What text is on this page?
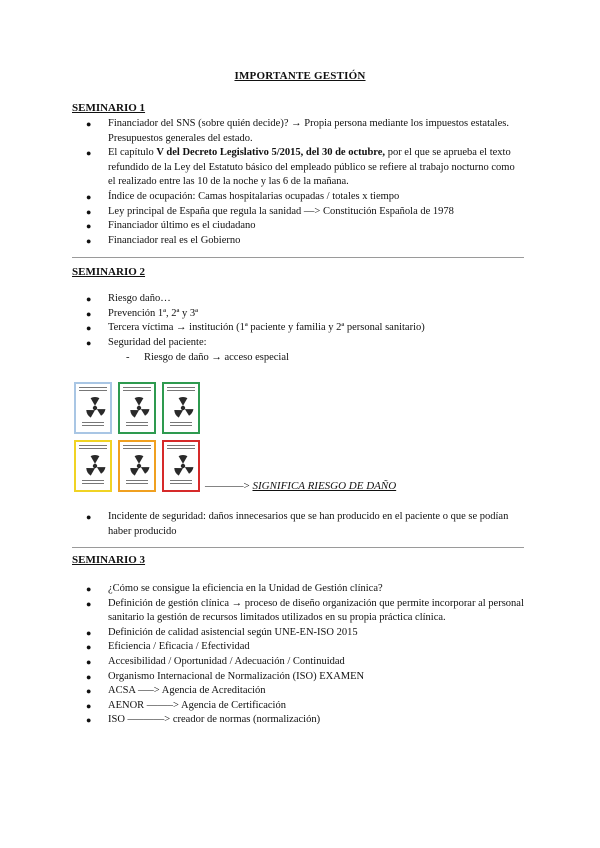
IMPORTANTE GESTIÓN
SEMINARIO 1
● Financiador del SNS (sobre quién decide)? → Propia persona mediante los impuestos estatales. Presupuestos generales del estado.
● El capítulo V del Decreto Legislativo 5/2015, del 30 de octubre, por el que se aprueba el texto refundido de la Ley del Estatuto básico del empleado público se refiere al trabajo nocturno como el realizado entre las 10 de la noche y las 6 de la mañana.
● Índice de ocupación: Camas hospitalarias ocupadas / totales x tiempo
● Ley principal de España que regula la sanidad —> Constitución Española de 1978
● Financiador último es el ciudadano
● Financiador real es el Gobierno
SEMINARIO 2
● Riesgo daño…
● Prevención 1ª, 2ª y 3ª
● Tercera víctima → institución (1ª paciente y familia y 2ª personal sanitario)
● Seguridad del paciente:
- Riesgo de daño → acceso especial
———–> SIGNIFICA RIESGO DE DAÑO
● Incidente de seguridad: daños innecesarios que se han producido en el paciente o que se podían haber producido
SEMINARIO 3
● ¿Cómo se consigue la eficiencia en la Unidad de Gestión clínica?
● Definición de gestión clínica → proceso de diseño organización que permite incorporar al personal sanitario la gestión de recursos limitados utilizados en su propia práctica clínica.
● Definición de calidad asistencial según UNE-EN-ISO 2015
● Eficiencia / Eficacia / Efectividad
● Accesibilidad / Oportunidad / Adecuación / Continuidad
● Organismo Internacional de Normalización (ISO) EXAMEN
● ACSA —–> Agencia de Acreditación
● AENOR ——–> Agencia de Certificación
● ISO —–——> creador de normas (normalización)
